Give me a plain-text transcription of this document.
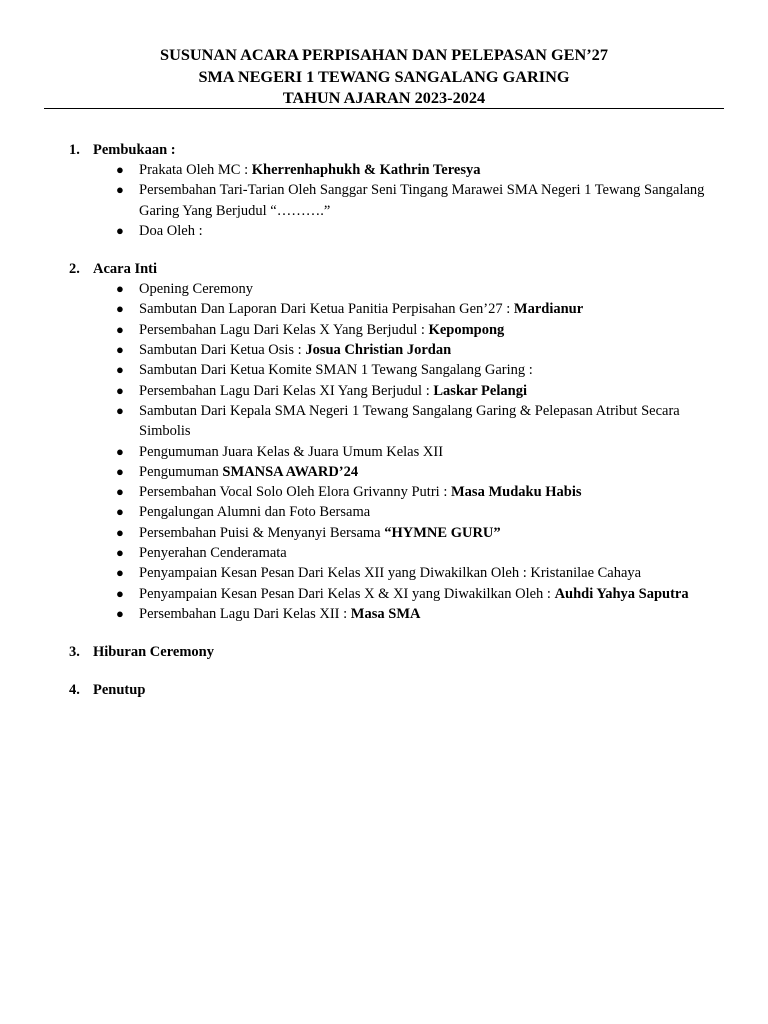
SUSUNAN ACARA PERPISAHAN DAN PELEPASAN GEN’27
SMA NEGERI 1 TEWANG SANGALANG GARING
TAHUN AJARAN 2023-2024
1. Pembukaan :
● Prakata Oleh MC : Kherrenhaphukh & Kathrin Teresya
● Persembahan Tari-Tarian Oleh Sanggar Seni Tingang Marawei SMA Negeri 1 Tewang Sangalang Garing Yang Berjudul “……….”
● Doa Oleh :
2. Acara Inti
● Opening Ceremony
● Sambutan Dan Laporan Dari Ketua Panitia Perpisahan Gen’27 : Mardianur
● Persembahan Lagu Dari Kelas X Yang Berjudul : Kepompong
● Sambutan Dari Ketua Osis : Josua Christian Jordan
● Sambutan Dari Ketua Komite SMAN 1 Tewang Sangalang Garing :
● Persembahan Lagu Dari Kelas XI Yang Berjudul : Laskar Pelangi
● Sambutan Dari Kepala SMA Negeri 1 Tewang Sangalang Garing & Pelepasan Atribut Secara Simbolis
● Pengumuman Juara Kelas & Juara Umum Kelas XII
● Pengumuman SMANSA AWARD’24
● Persembahan Vocal Solo Oleh Elora Grivanny Putri : Masa Mudaku Habis
● Pengalungan Alumni dan Foto Bersama
● Persembahan Puisi & Menyanyi Bersama “HYMNE GURU”
● Penyerahan Cenderamata
● Penyampaian Kesan Pesan Dari Kelas XII yang Diwakilkan Oleh : Kristanilae Cahaya
● Penyampaian Kesan Pesan Dari Kelas X & XI yang Diwakilkan Oleh : Auhdi Yahya Saputra
● Persembahan Lagu Dari Kelas XII : Masa SMA
3. Hiburan Ceremony
4. Penutup
